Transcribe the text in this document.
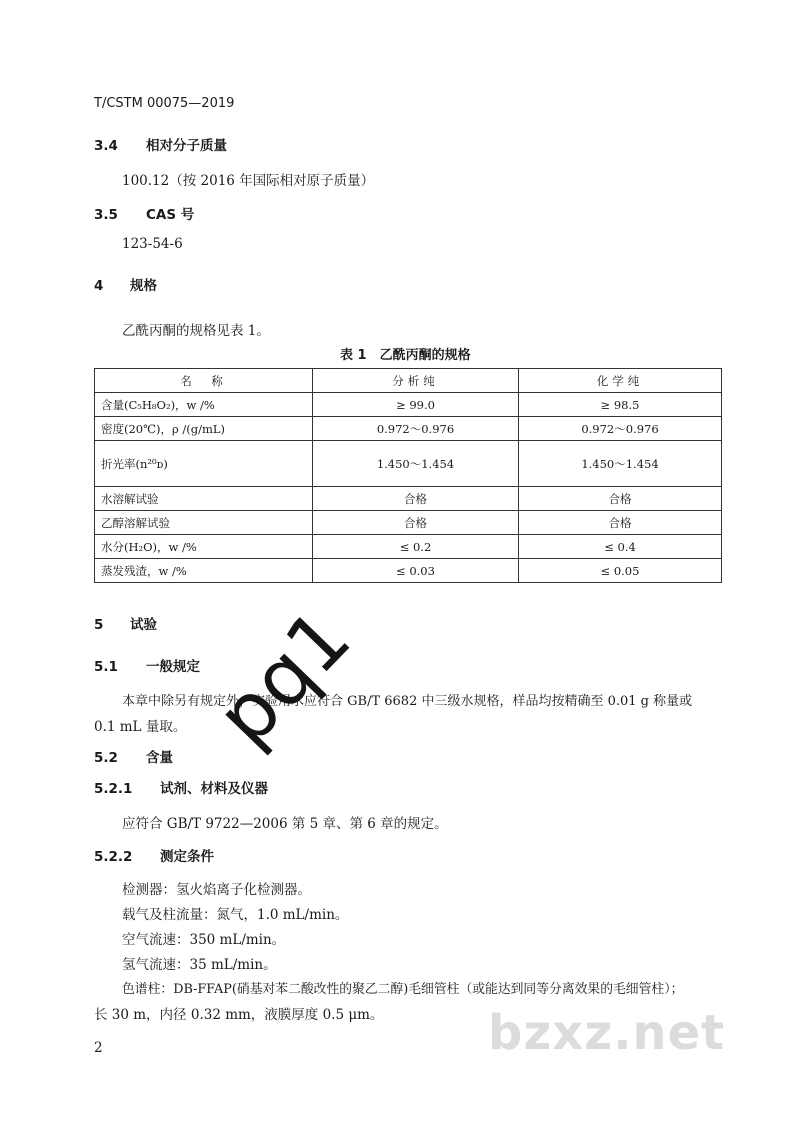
T/CSTM 00075—2019
3.4 相对分子质量
100.12（按 2016 年国际相对原子质量）
3.5 CAS 号
123-54-6
4 规格
乙酰丙酮的规格见表 1。
表 1　乙酰丙酮的规格
名　称	分析纯	化学纯
含量(C₅H₈O₂)，w /%	≥ 99.0	≥ 98.5
密度(20℃)，ρ /(g/mL)	0.972～0.976	0.972～0.976
折光率(n²⁰ᴅ)	1.450～1.454	1.450～1.454
水溶解试验	合格	合格
乙醇溶解试验	合格	合格
水分(H₂O)，w /%	≤ 0.2	≤ 0.4
蒸发残渣，w /%	≤ 0.03	≤ 0.05
5 试验
5.1 一般规定
本章中除另有规定外，实验用水应符合 GB/T 6682 中三级水规格，样品均按精确至 0.01 g 称量或
0.1 mL 量取。
5.2 含量
5.2.1 试剂、材料及仪器
应符合 GB/T 9722—2006 第 5 章、第 6 章的规定。
5.2.2 测定条件
检测器：氢火焰离子化检测器。
载气及柱流量：氮气，1.0 mL/min。
空气流速：350 mL/min。
氢气流速：35 mL/min。
色谱柱：DB-FFAP(硝基对苯二酸改性的聚乙二醇)毛细管柱（或能达到同等分离效果的毛细管柱）；
长 30 m，内径 0.32 mm，液膜厚度 0.5 μm。
2
pq1
bzxz.net
